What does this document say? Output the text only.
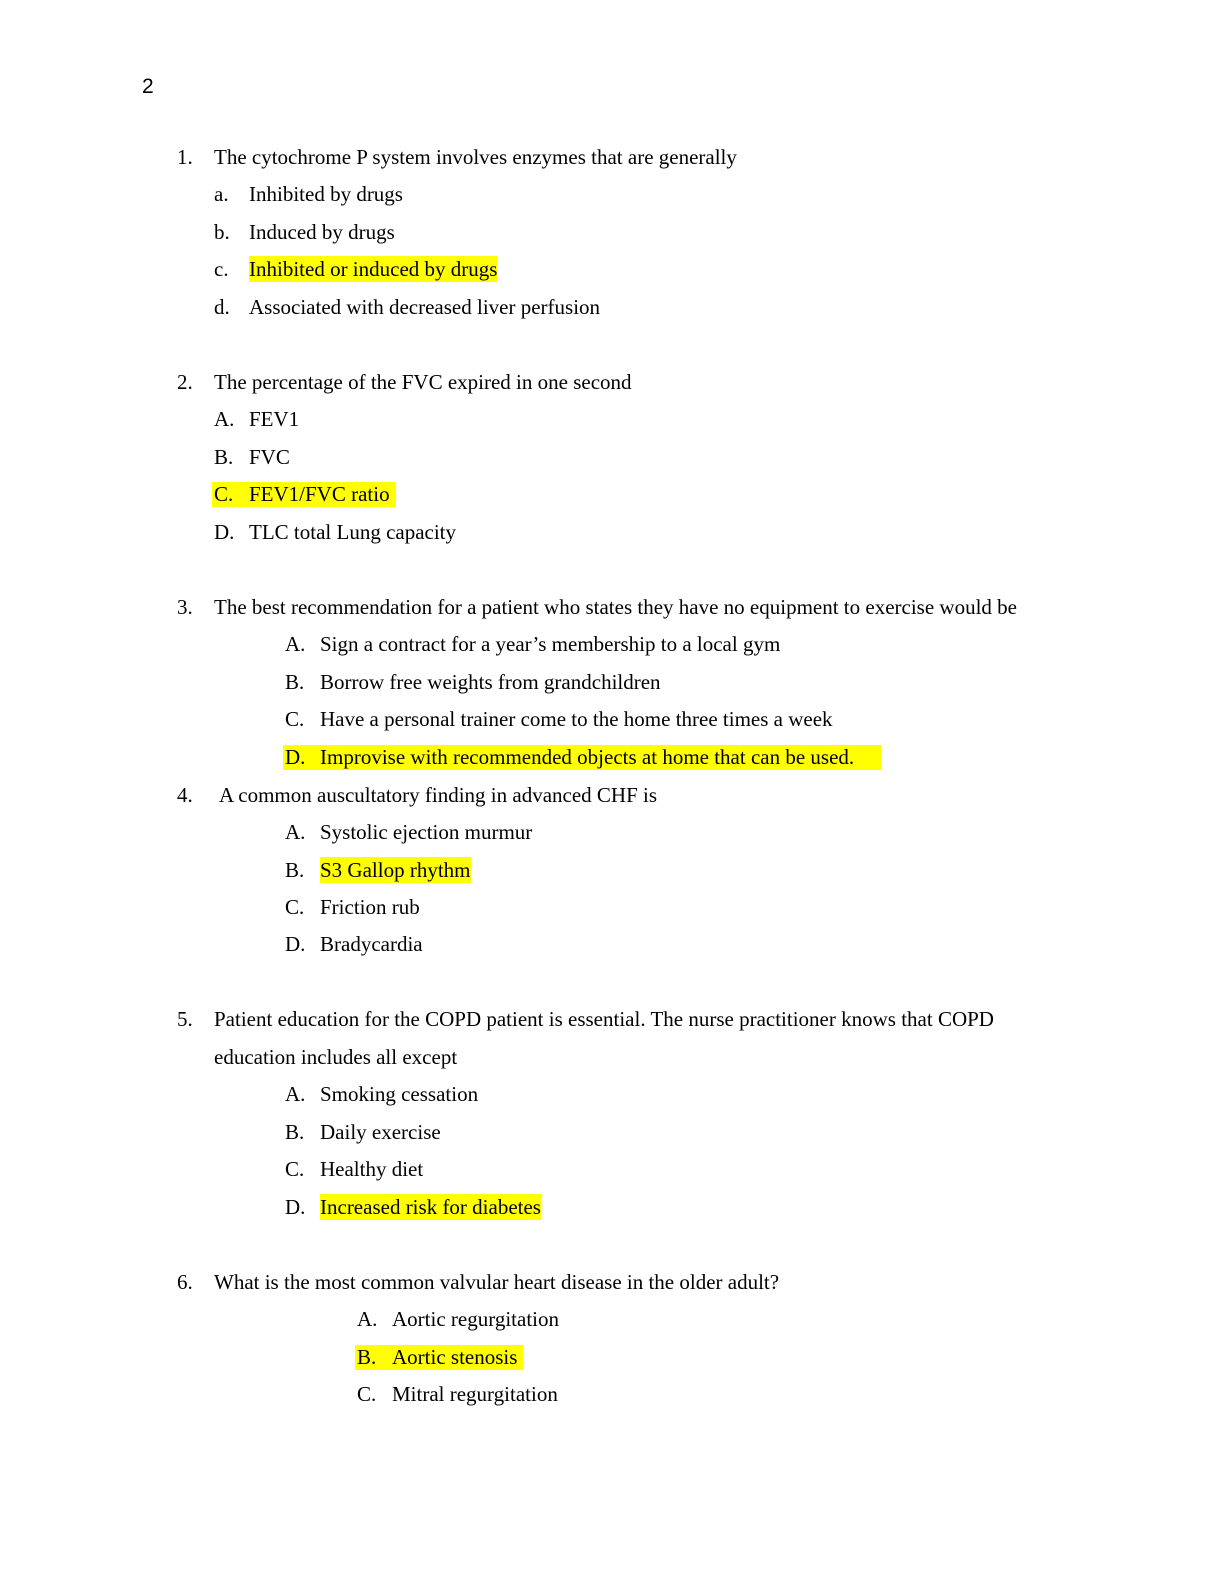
2
1. The cytochrome P system involves enzymes that are generally
a. Inhibited by drugs
b. Induced by drugs
c. Inhibited or induced by drugs
d. Associated with decreased liver perfusion
2. The percentage of the FVC expired in one second
A. FEV1
B. FVC
C. FEV1/FVC ratio
D. TLC total Lung capacity
3. The best recommendation for a patient who states they have no equipment to exercise would be
A. Sign a contract for a year’s membership to a local gym
B. Borrow free weights from grandchildren
C. Have a personal trainer come to the home three times a week
D. Improvise with recommended objects at home that can be used.
4. A common auscultatory finding in advanced CHF is
A. Systolic ejection murmur
B. S3 Gallop rhythm
C. Friction rub
D. Bradycardia
5. Patient education for the COPD patient is essential. The nurse practitioner knows that COPD
education includes all except
A. Smoking cessation
B. Daily exercise
C. Healthy diet
D. Increased risk for diabetes
6. What is the most common valvular heart disease in the older adult?
A. Aortic regurgitation
B. Aortic stenosis
C. Mitral regurgitation
